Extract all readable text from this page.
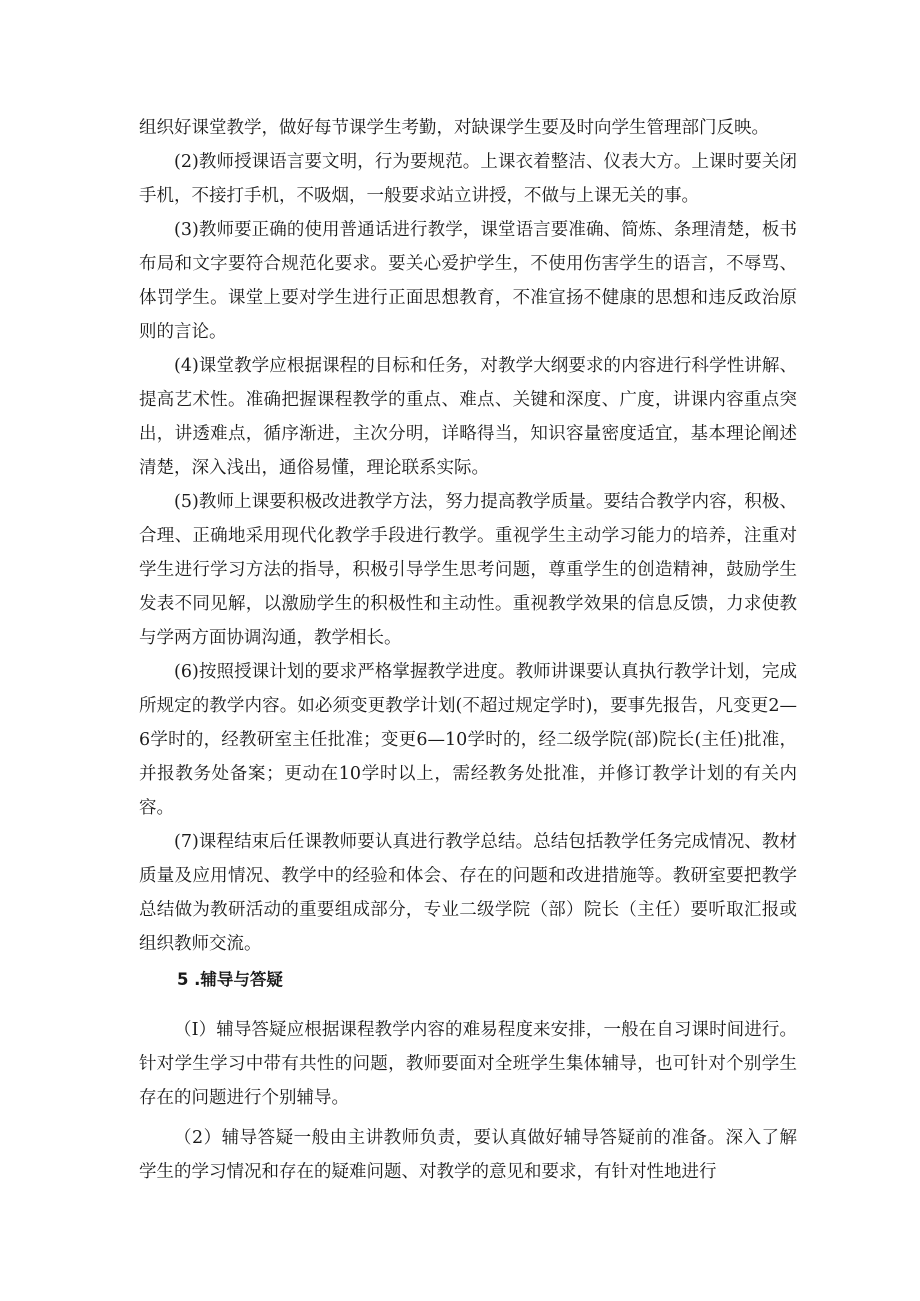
组织好课堂教学，做好每节课学生考勤，对缺课学生要及时向学生管理部门反映。

(2)教师授课语言要文明，行为要规范。上课衣着整洁、仪表大方。上课时要关闭手机，不接打手机，不吸烟，一般要求站立讲授，不做与上课无关的事。

(3)教师要正确的使用普通话进行教学，课堂语言要准确、简炼、条理清楚，板书布局和文字要符合规范化要求。要关心爱护学生，不使用伤害学生的语言，不辱骂、体罚学生。课堂上要对学生进行正面思想教育，不准宣扬不健康的思想和违反政治原则的言论。

(4)课堂教学应根据课程的目标和任务，对教学大纲要求的内容进行科学性讲解、提高艺术性。准确把握课程教学的重点、难点、关键和深度、广度，讲课内容重点突出，讲透难点，循序渐进，主次分明，详略得当，知识容量密度适宜，基本理论阐述清楚，深入浅出，通俗易懂，理论联系实际。

(5)教师上课要积极改进教学方法，努力提高教学质量。要结合教学内容，积极、合理、正确地采用现代化教学手段进行教学。重视学生主动学习能力的培养，注重对学生进行学习方法的指导，积极引导学生思考问题，尊重学生的创造精神，鼓励学生发表不同见解，以激励学生的积极性和主动性。重视教学效果的信息反馈，力求使教与学两方面协调沟通，教学相长。

(6)按照授课计划的要求严格掌握教学进度。教师讲课要认真执行教学计划，完成所规定的教学内容。如必须变更教学计划(不超过规定学时)，要事先报告，凡变更2—6学时的，经教研室主任批准；变更6—10学时的，经二级学院(部)院长(主任)批准，并报教务处备案；更动在10学时以上，需经教务处批准，并修订教学计划的有关内容。

(7)课程结束后任课教师要认真进行教学总结。总结包括教学任务完成情况、教材质量及应用情况、教学中的经验和体会、存在的问题和改进措施等。教研室要把教学总结做为教研活动的重要组成部分，专业二级学院（部）院长（主任）要听取汇报或组织教师交流。

5 .辅导与答疑

（I）辅导答疑应根据课程教学内容的难易程度来安排，一般在自习课时间进行。针对学生学习中带有共性的问题，教师要面对全班学生集体辅导，也可针对个别学生存在的问题进行个别辅导。

（2）辅导答疑一般由主讲教师负责，要认真做好辅导答疑前的准备。深入了解学生的学习情况和存在的疑难问题、对教学的意见和要求，有针对性地进行
